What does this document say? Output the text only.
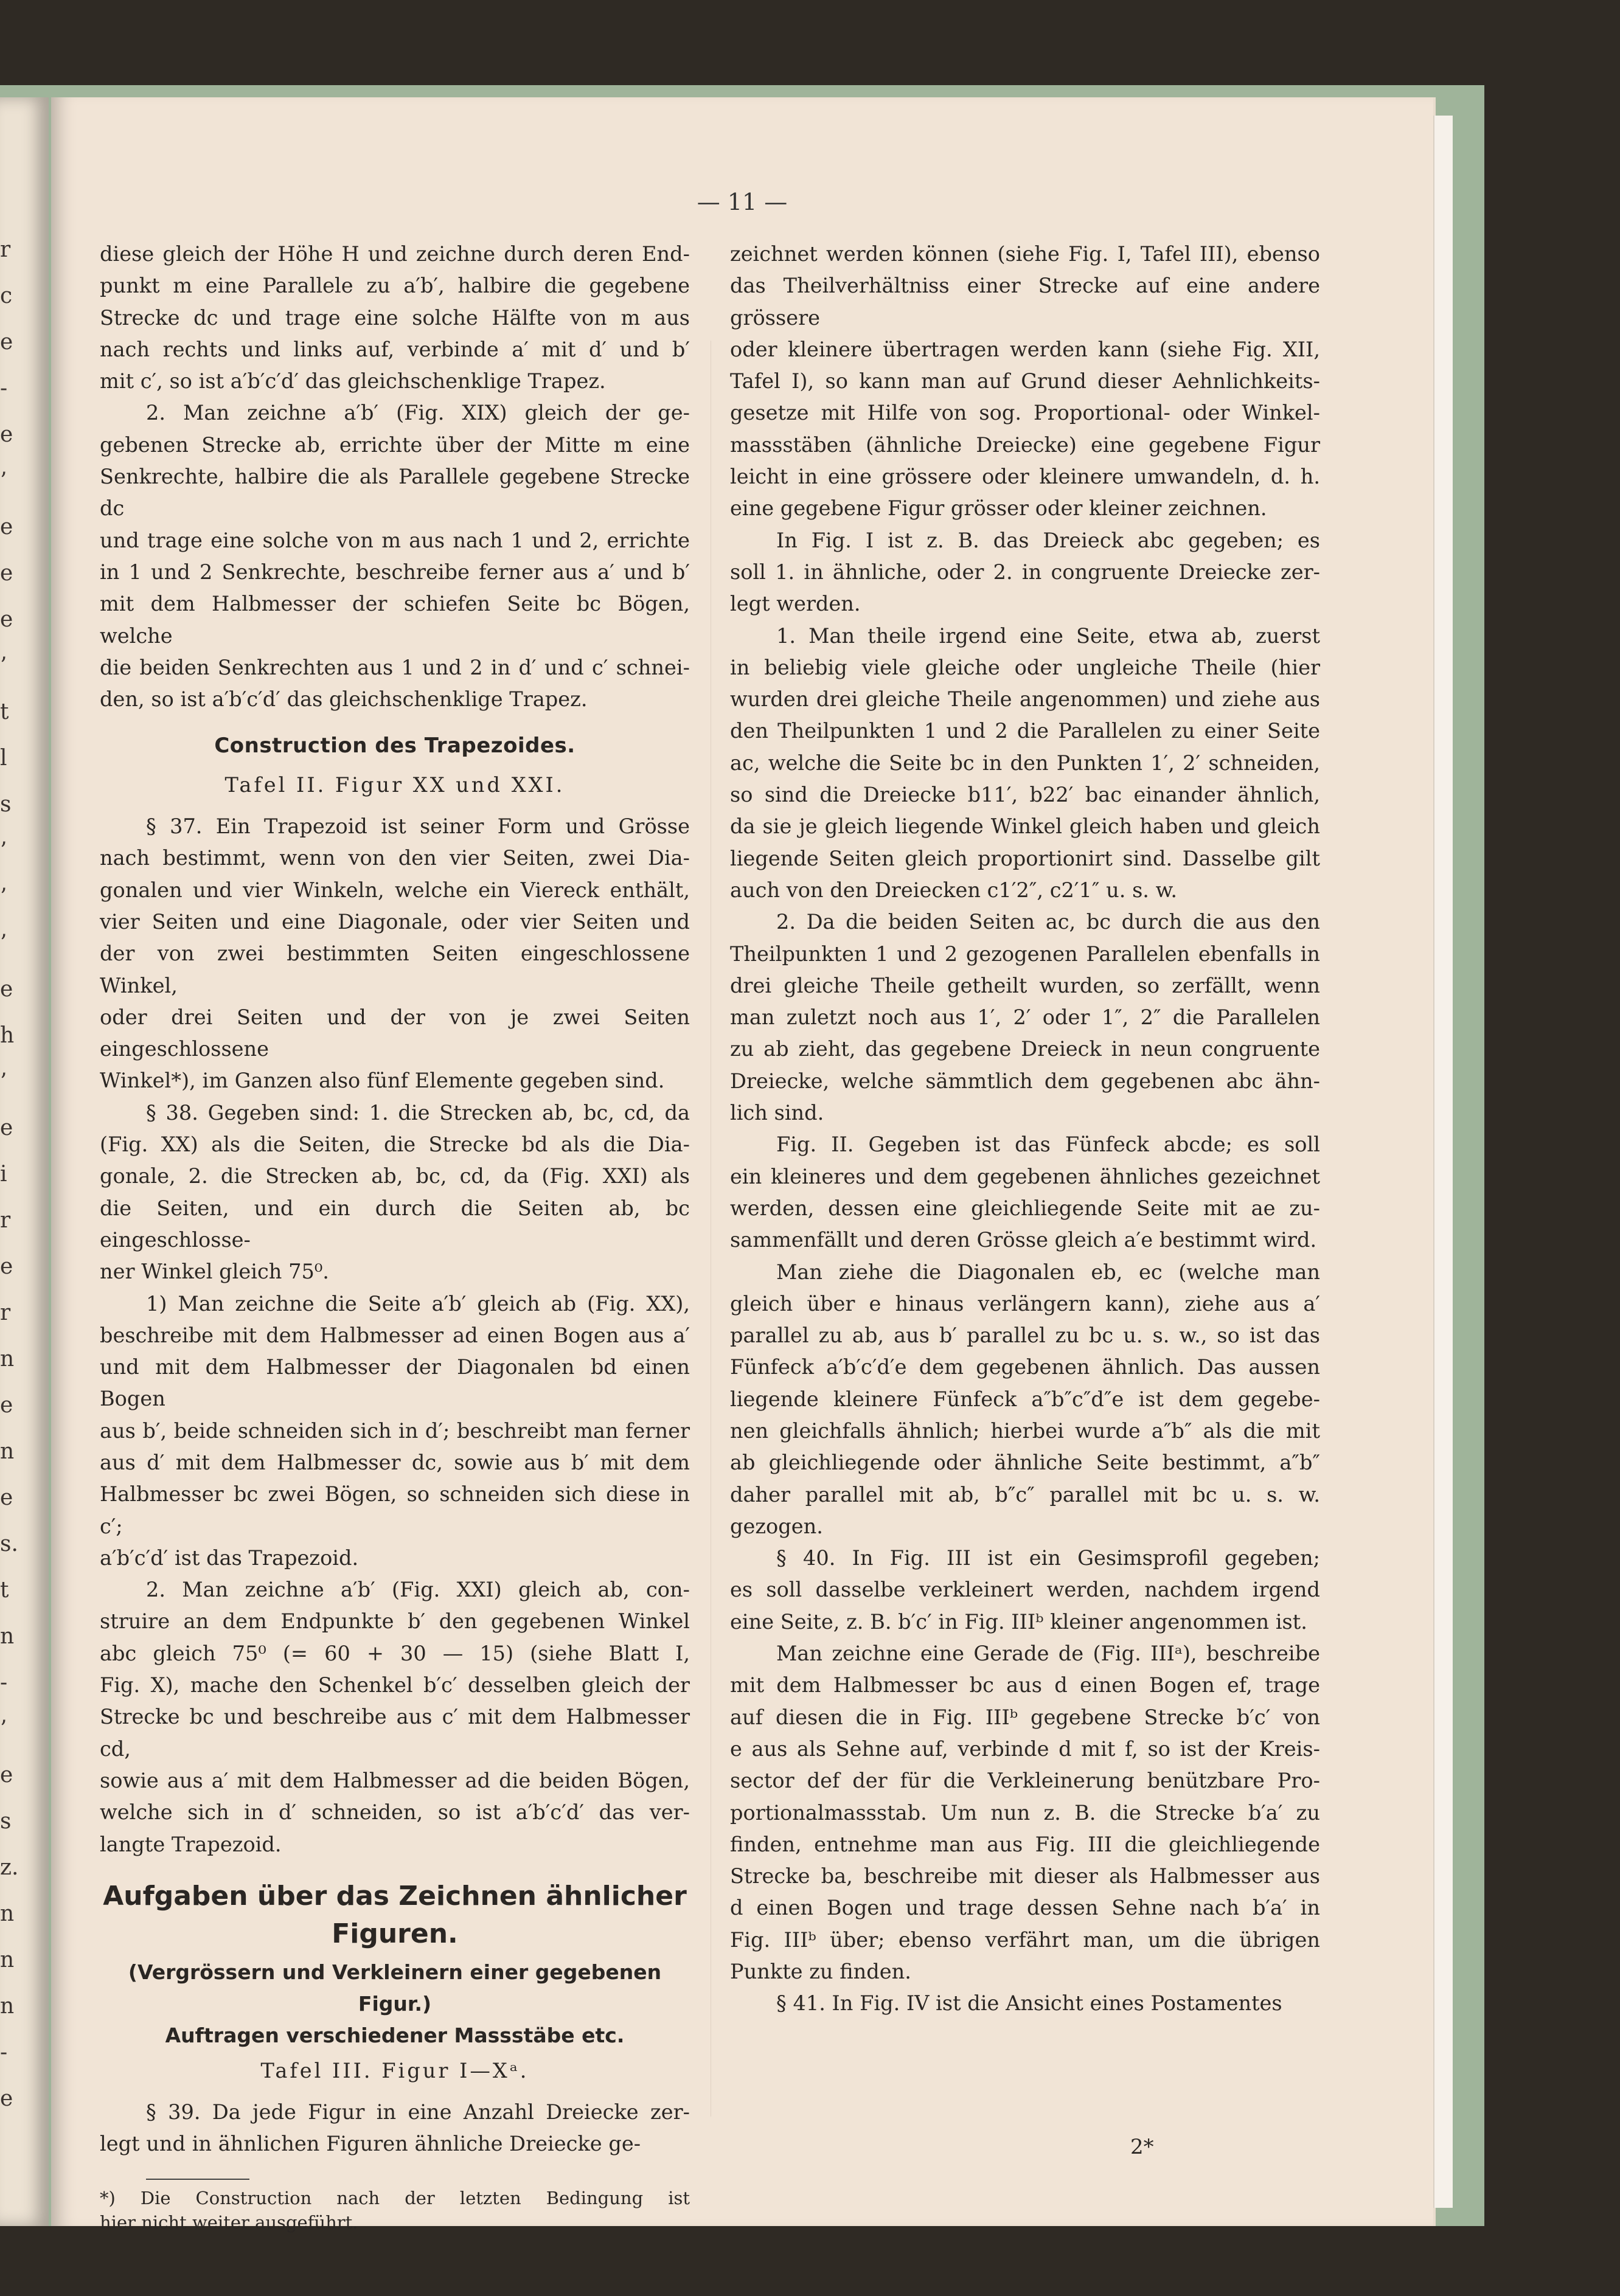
r
c
e
-
e
’
e
e
e
’
t
l
s
’
’
’
e
h
’
e
i
r
e
r
n
e
n
e
s.
t
n
-
’
e
s
z.
n
n
n
-
e
— 11 —
diese gleich der Höhe H und zeichne durch deren End-
punkt m eine Parallele zu a′b′, halbire die gegebene
Strecke dc und trage eine solche Hälfte von m aus
nach rechts und links auf, verbinde a′ mit d′ und b′
mit c′, so ist a′b′c′d′ das gleichschenklige Trapez.
2. Man zeichne a′b′ (Fig. XIX) gleich der ge-
gebenen Strecke ab, errichte über der Mitte m eine
Senkrechte, halbire die als Parallele gegebene Strecke dc
und trage eine solche von m aus nach 1 und 2, errichte
in 1 und 2 Senkrechte, beschreibe ferner aus a′ und b′
mit dem Halbmesser der schiefen Seite bc Bögen, welche
die beiden Senkrechten aus 1 und 2 in d′ und c′ schnei-
den, so ist a′b′c′d′ das gleichschenklige Trapez.
Construction des Trapezoides.
Tafel II. Figur XX und XXI.
§ 37. Ein Trapezoid ist seiner Form und Grösse
nach bestimmt, wenn von den vier Seiten, zwei Dia-
gonalen und vier Winkeln, welche ein Viereck enthält,
vier Seiten und eine Diagonale, oder vier Seiten und
der von zwei bestimmten Seiten eingeschlossene Winkel,
oder drei Seiten und der von je zwei Seiten eingeschlossene
Winkel*), im Ganzen also fünf Elemente gegeben sind.
§ 38. Gegeben sind: 1. die Strecken ab, bc, cd, da
(Fig. XX) als die Seiten, die Strecke bd als die Dia-
gonale, 2. die Strecken ab, bc, cd, da (Fig. XXI) als
die Seiten, und ein durch die Seiten ab, bc eingeschlosse-
ner Winkel gleich 75⁰.
1) Man zeichne die Seite a′b′ gleich ab (Fig. XX),
beschreibe mit dem Halbmesser ad einen Bogen aus a′
und mit dem Halbmesser der Diagonalen bd einen Bogen
aus b′, beide schneiden sich in d′; beschreibt man ferner
aus d′ mit dem Halbmesser dc, sowie aus b′ mit dem
Halbmesser bc zwei Bögen, so schneiden sich diese in c′;
a′b′c′d′ ist das Trapezoid.
2. Man zeichne a′b′ (Fig. XXI) gleich ab, con-
struire an dem Endpunkte b′ den gegebenen Winkel
abc gleich 75⁰ (= 60 + 30 — 15) (siehe Blatt I,
Fig. X), mache den Schenkel b′c′ desselben gleich der
Strecke bc und beschreibe aus c′ mit dem Halbmesser cd,
sowie aus a′ mit dem Halbmesser ad die beiden Bögen,
welche sich in d′ schneiden, so ist a′b′c′d′ das ver-
langte Trapezoid.
Aufgaben über das Zeichnen ähnlicher
Figuren.
(Vergrössern und Verkleinern einer gegebenen Figur.)
Auftragen verschiedener Massstäbe etc.
Tafel III. Figur I—Xᵃ.
§ 39. Da jede Figur in eine Anzahl Dreiecke zer-
legt und in ähnlichen Figuren ähnliche Dreiecke ge-
*) Die Construction nach der letzten Bedingung ist
hier nicht weiter ausgeführt.
zeichnet werden können (siehe Fig. I, Tafel III), ebenso
das Theilverhältniss einer Strecke auf eine andere grössere
oder kleinere übertragen werden kann (siehe Fig. XII,
Tafel I), so kann man auf Grund dieser Aehnlichkeits-
gesetze mit Hilfe von sog. Proportional- oder Winkel-
massstäben (ähnliche Dreiecke) eine gegebene Figur
leicht in eine grössere oder kleinere umwandeln, d. h.
eine gegebene Figur grösser oder kleiner zeichnen.
In Fig. I ist z. B. das Dreieck abc gegeben; es
soll 1. in ähnliche, oder 2. in congruente Dreiecke zer-
legt werden.
1. Man theile irgend eine Seite, etwa ab, zuerst
in beliebig viele gleiche oder ungleiche Theile (hier
wurden drei gleiche Theile angenommen) und ziehe aus
den Theilpunkten 1 und 2 die Parallelen zu einer Seite
ac, welche die Seite bc in den Punkten 1′, 2′ schneiden,
so sind die Dreiecke b11′, b22′ bac einander ähnlich,
da sie je gleich liegende Winkel gleich haben und gleich
liegende Seiten gleich proportionirt sind. Dasselbe gilt
auch von den Dreiecken c1′2″, c2′1″ u. s. w.
2. Da die beiden Seiten ac, bc durch die aus den
Theilpunkten 1 und 2 gezogenen Parallelen ebenfalls in
drei gleiche Theile getheilt wurden, so zerfällt, wenn
man zuletzt noch aus 1′, 2′ oder 1″, 2″ die Parallelen
zu ab zieht, das gegebene Dreieck in neun congruente
Dreiecke, welche sämmtlich dem gegebenen abc ähn-
lich sind.
Fig. II. Gegeben ist das Fünfeck abcde; es soll
ein kleineres und dem gegebenen ähnliches gezeichnet
werden, dessen eine gleichliegende Seite mit ae zu-
sammenfällt und deren Grösse gleich a′e bestimmt wird.
Man ziehe die Diagonalen eb, ec (welche man
gleich über e hinaus verlängern kann), ziehe aus a′
parallel zu ab, aus b′ parallel zu bc u. s. w., so ist das
Fünfeck a′b′c′d′e dem gegebenen ähnlich. Das aussen
liegende kleinere Fünfeck a″b″c″d″e ist dem gegebe-
nen gleichfalls ähnlich; hierbei wurde a″b″ als die mit
ab gleichliegende oder ähnliche Seite bestimmt, a″b″
daher parallel mit ab, b″c″ parallel mit bc u. s. w.
gezogen.
§ 40. In Fig. III ist ein Gesimsprofil gegeben;
es soll dasselbe verkleinert werden, nachdem irgend
eine Seite, z. B. b′c′ in Fig. IIIᵇ kleiner angenommen ist.
Man zeichne eine Gerade de (Fig. IIIᵃ), beschreibe
mit dem Halbmesser bc aus d einen Bogen ef, trage
auf diesen die in Fig. IIIᵇ gegebene Strecke b′c′ von
e aus als Sehne auf, verbinde d mit f, so ist der Kreis-
sector def der für die Verkleinerung benützbare Pro-
portionalmassstab. Um nun z. B. die Strecke b′a′ zu
finden, entnehme man aus Fig. III die gleichliegende
Strecke ba, beschreibe mit dieser als Halbmesser aus
d einen Bogen und trage dessen Sehne nach b′a′ in
Fig. IIIᵇ über; ebenso verfährt man, um die übrigen
Punkte zu finden.
§ 41. In Fig. IV ist die Ansicht eines Postamentes
2*
